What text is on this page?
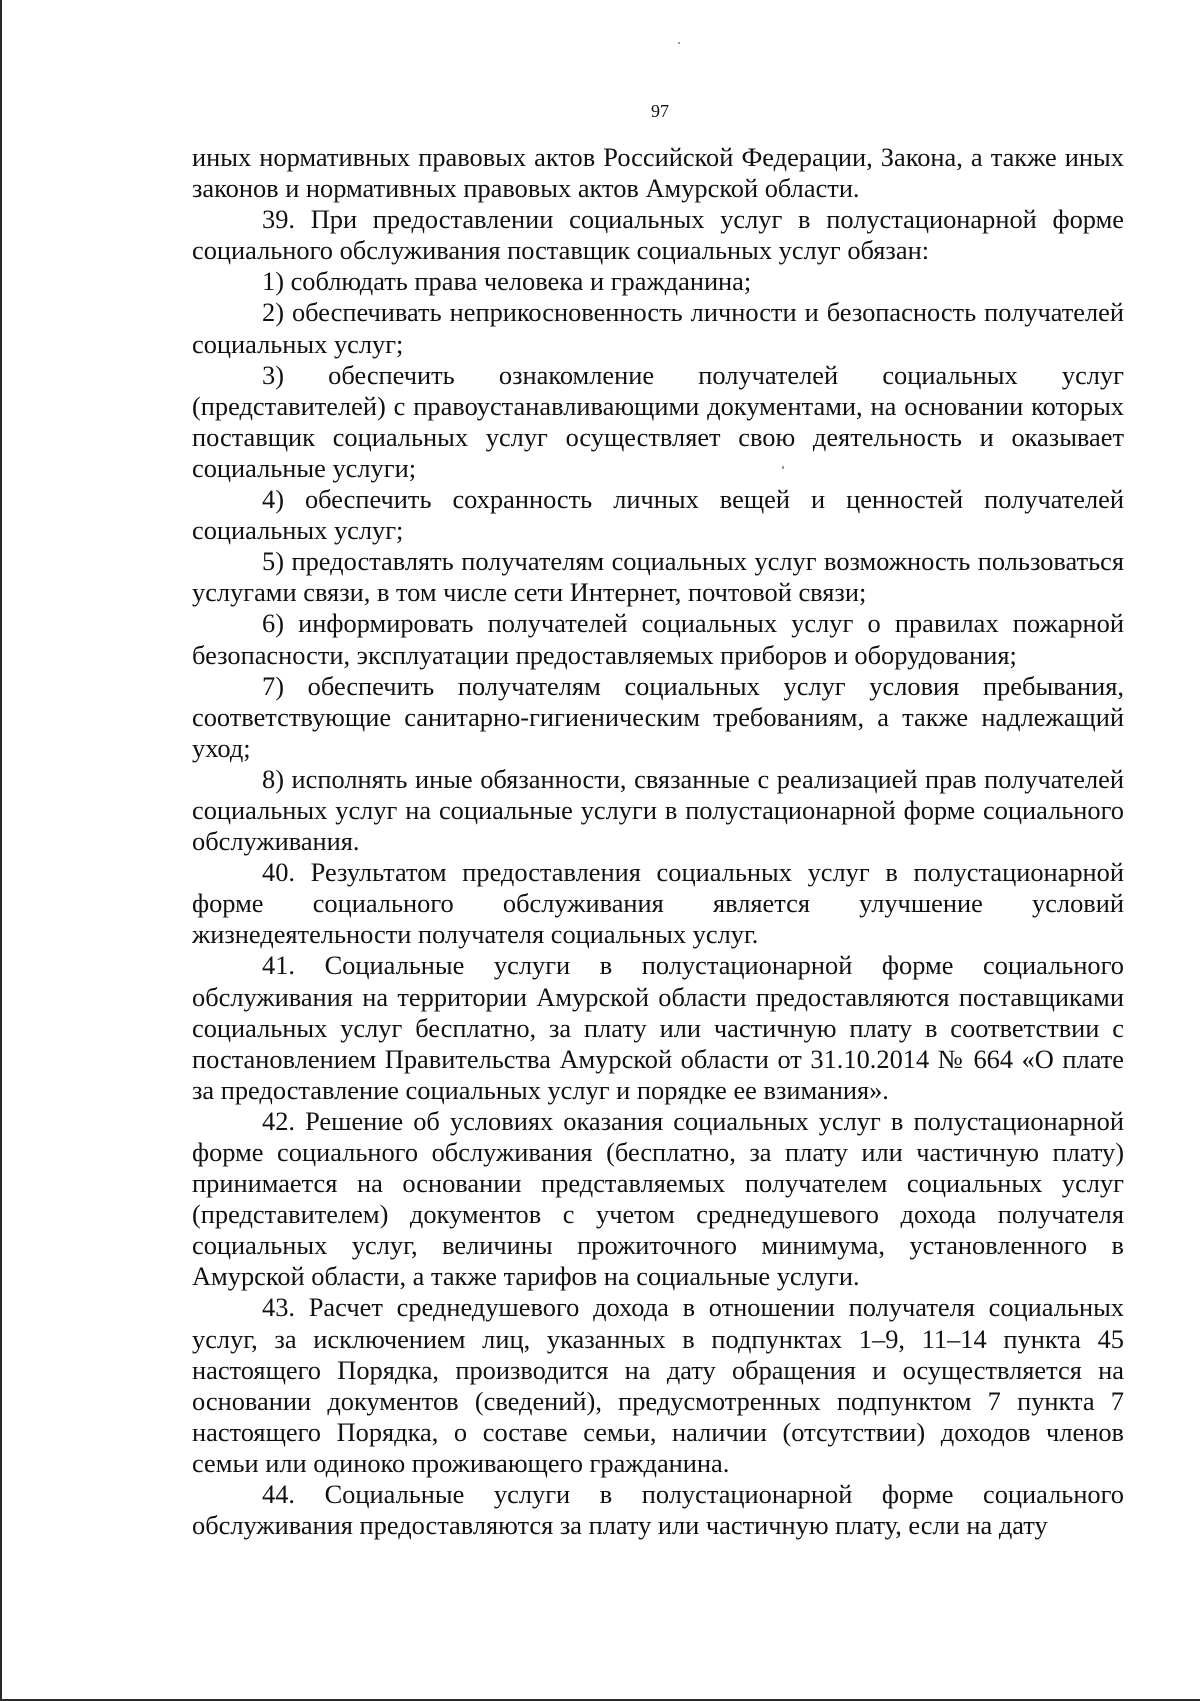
97

иных нормативных правовых актов Российской Федерации, Закона, а также иных законов и нормативных правовых актов Амурской области.

39. При предоставлении социальных услуг в полустационарной форме социального обслуживания поставщик социальных услуг обязан:

1) соблюдать права человека и гражданина;

2) обеспечивать неприкосновенность личности и безопасность получателей социальных услуг;

3) обеспечить ознакомление получателей социальных услуг (представителей) с правоустанавливающими документами, на основании которых поставщик социальных услуг осуществляет свою деятельность и оказывает социальные услуги;

4) обеспечить сохранность личных вещей и ценностей получателей социальных услуг;

5) предоставлять получателям социальных услуг возможность пользоваться услугами связи, в том числе сети Интернет, почтовой связи;

6) информировать получателей социальных услуг о правилах пожарной безопасности, эксплуатации предоставляемых приборов и оборудования;

7) обеспечить получателям социальных услуг условия пребывания, соответствующие санитарно-гигиеническим требованиям, а также надлежащий уход;

8) исполнять иные обязанности, связанные с реализацией прав получателей социальных услуг на социальные услуги в полустационарной форме социального обслуживания.

40. Результатом предоставления социальных услуг в полустационарной форме социального обслуживания является улучшение условий жизнедеятельности получателя социальных услуг.

41. Социальные услуги в полустационарной форме социального обслуживания на территории Амурской области предоставляются поставщиками социальных услуг бесплатно, за плату или частичную плату в соответствии с постановлением Правительства Амурской области от 31.10.2014 № 664 «О плате за предоставление социальных услуг и порядке ее взимания».

42. Решение об условиях оказания социальных услуг в полустационарной форме социального обслуживания (бесплатно, за плату или частичную плату) принимается на основании представляемых получателем социальных услуг (представителем) документов с учетом среднедушевого дохода получателя социальных услуг, величины прожиточного минимума, установленного в Амурской области, а также тарифов на социальные услуги.

43. Расчет среднедушевого дохода в отношении получателя социальных услуг, за исключением лиц, указанных в подпунктах 1–9, 11–14 пункта 45 настоящего Порядка, производится на дату обращения и осуществляется на основании документов (сведений), предусмотренных подпунктом 7 пункта 7 настоящего Порядка, о составе семьи, наличии (отсутствии) доходов членов семьи или одиноко проживающего гражданина.

44. Социальные услуги в полустационарной форме социального обслуживания предоставляются за плату или частичную плату, если на дату
